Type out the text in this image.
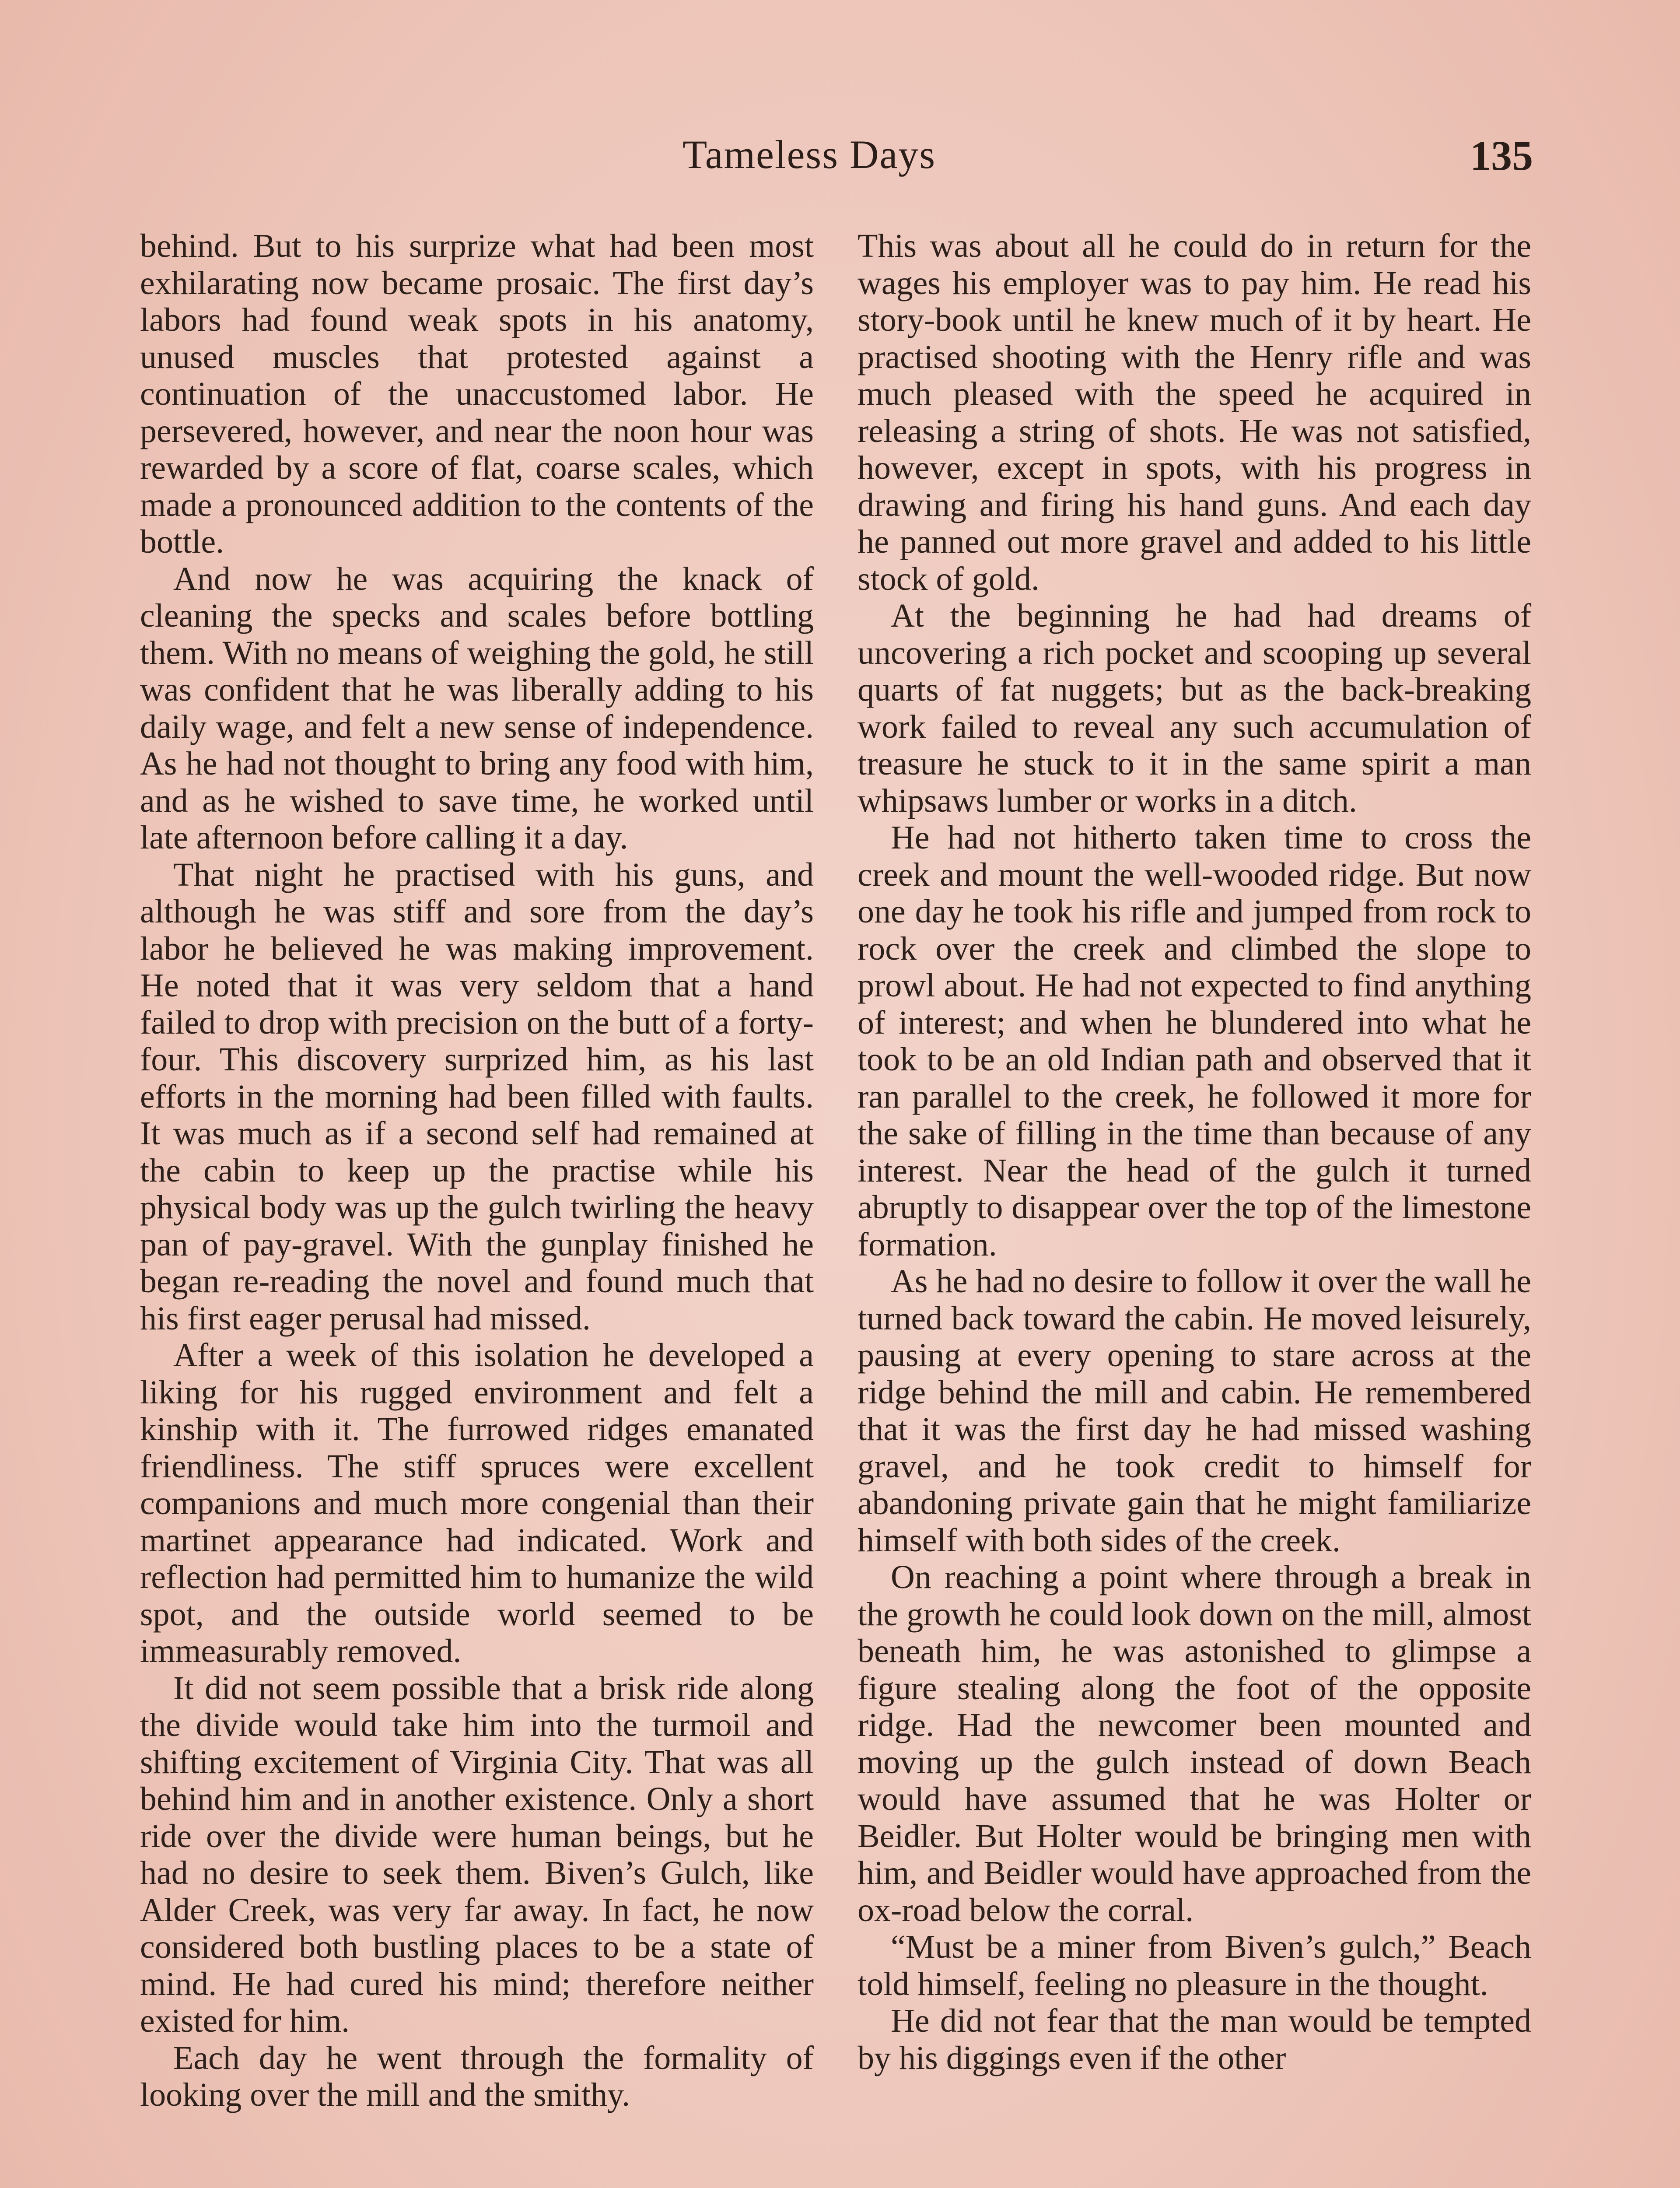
Tameless Days	135

behind. But to his surprize what had been most exhilarating now became prosaic. The first day’s labors had found weak spots in his anatomy, unused muscles that protested against a continuation of the unaccustomed labor. He persevered, however, and near the noon hour was rewarded by a score of flat, coarse scales, which made a pronounced addition to the contents of the bottle.

And now he was acquiring the knack of cleaning the specks and scales before bottling them. With no means of weighing the gold, he still was confident that he was liberally adding to his daily wage, and felt a new sense of independence. As he had not thought to bring any food with him, and as he wished to save time, he worked until late afternoon before calling it a day.

That night he practised with his guns, and although he was stiff and sore from the day’s labor he believed he was making improvement. He noted that it was very seldom that a hand failed to drop with precision on the butt of a forty-four. This discovery surprized him, as his last efforts in the morning had been filled with faults. It was much as if a second self had remained at the cabin to keep up the practise while his physical body was up the gulch twirling the heavy pan of pay-gravel. With the gunplay finished he began re-reading the novel and found much that his first eager perusal had missed.

After a week of this isolation he developed a liking for his rugged environment and felt a kinship with it. The furrowed ridges emanated friendliness. The stiff spruces were excellent companions and much more congenial than their martinet appearance had indicated. Work and reflection had permitted him to humanize the wild spot, and the outside world seemed to be immeasurably removed.

It did not seem possible that a brisk ride along the divide would take him into the turmoil and shifting excitement of Virginia City. That was all behind him and in another existence. Only a short ride over the divide were human beings, but he had no desire to seek them. Biven’s Gulch, like Alder Creek, was very far away. In fact, he now considered both bustling places to be a state of mind. He had cured his mind; therefore neither existed for him.

Each day he went through the formality of looking over the mill and the smithy.

This was about all he could do in return for the wages his employer was to pay him. He read his story-book until he knew much of it by heart. He practised shooting with the Henry rifle and was much pleased with the speed he acquired in releasing a string of shots. He was not satisfied, however, except in spots, with his progress in drawing and firing his hand guns. And each day he panned out more gravel and added to his little stock of gold.

At the beginning he had had dreams of uncovering a rich pocket and scooping up several quarts of fat nuggets; but as the back-breaking work failed to reveal any such accumulation of treasure he stuck to it in the same spirit a man whipsaws lumber or works in a ditch.

He had not hitherto taken time to cross the creek and mount the well-wooded ridge. But now one day he took his rifle and jumped from rock to rock over the creek and climbed the slope to prowl about. He had not expected to find anything of interest; and when he blundered into what he took to be an old Indian path and observed that it ran parallel to the creek, he followed it more for the sake of filling in the time than because of any interest. Near the head of the gulch it turned abruptly to disappear over the top of the limestone formation.

As he had no desire to follow it over the wall he turned back toward the cabin. He moved leisurely, pausing at every opening to stare across at the ridge behind the mill and cabin. He remembered that it was the first day he had missed washing gravel, and he took credit to himself for abandoning private gain that he might familiarize himself with both sides of the creek.

On reaching a point where through a break in the growth he could look down on the mill, almost beneath him, he was astonished to glimpse a figure stealing along the foot of the opposite ridge. Had the newcomer been mounted and moving up the gulch instead of down Beach would have assumed that he was Holter or Beidler. But Holter would be bringing men with him, and Beidler would have approached from the ox-road below the corral.

“Must be a miner from Biven’s gulch,” Beach told himself, feeling no pleasure in the thought.

He did not fear that the man would be tempted by his diggings even if the other
